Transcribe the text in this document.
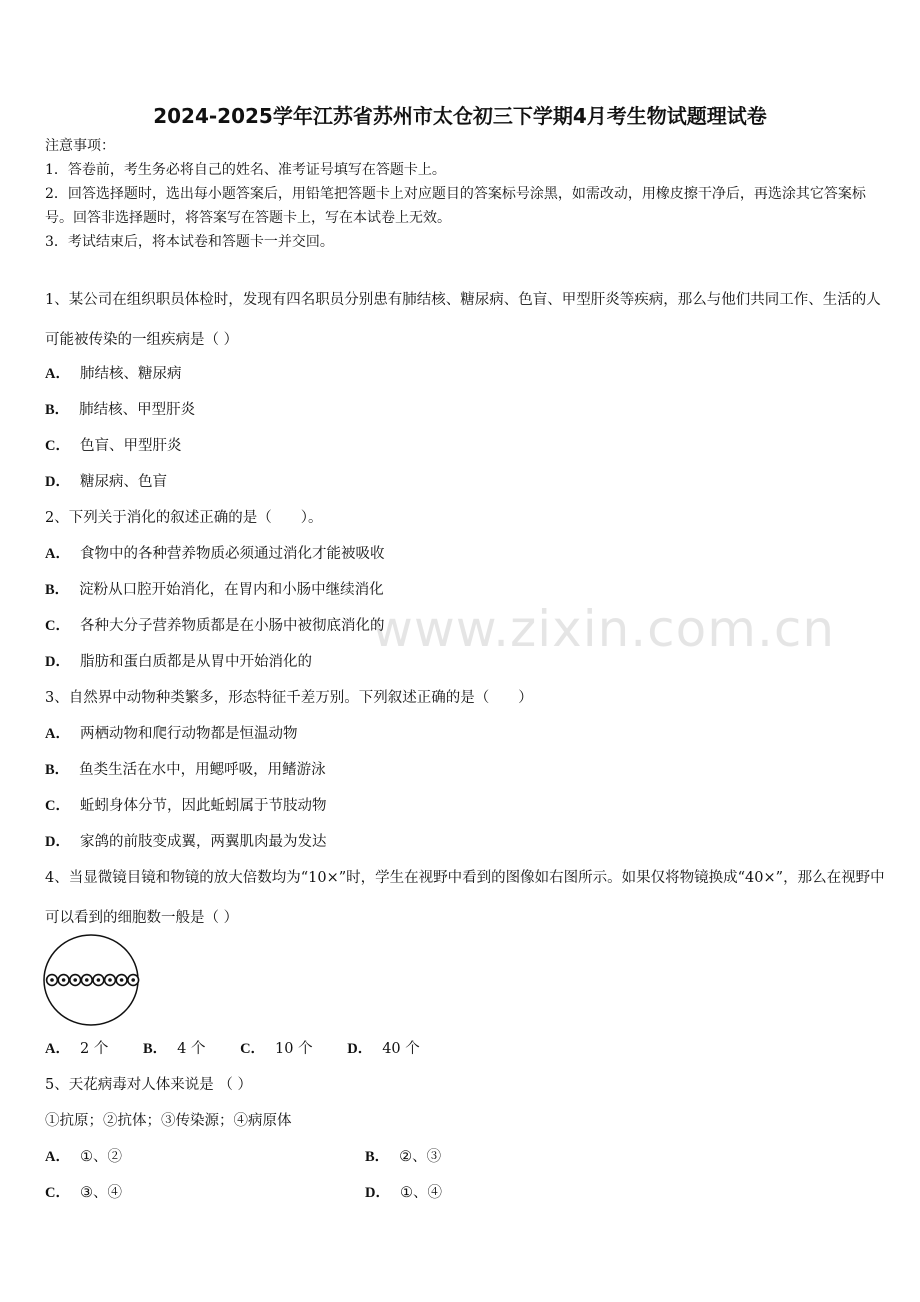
2024-2025学年江苏省苏州市太仓初三下学期4月考生物试题理试卷
注意事项：
1．答卷前，考生务必将自己的姓名、准考证号填写在答题卡上。
2．回答选择题时，选出每小题答案后，用铅笔把答题卡上对应题目的答案标号涂黑，如需改动，用橡皮擦干净后，再选涂其它答案标号。回答非选择题时，将答案写在答题卡上，写在本试卷上无效。
3．考试结束后，将本试卷和答题卡一并交回。
1、某公司在组织职员体检时，发现有四名职员分别患有肺结核、糖尿病、色盲、甲型肝炎等疾病，那么与他们共同工作、生活的人可能被传染的一组疾病是（ ）
A． 肺结核、糖尿病
B． 肺结核、甲型肝炎
C． 色盲、甲型肝炎
D． 糖尿病、色盲
2、下列关于消化的叙述正确的是（　　）。
A． 食物中的各种营养物质必须通过消化才能被吸收
B． 淀粉从口腔开始消化，在胃内和小肠中继续消化
C． 各种大分子营养物质都是在小肠中被彻底消化的
D． 脂肪和蛋白质都是从胃中开始消化的
3、自然界中动物种类繁多，形态特征千差万别。下列叙述正确的是（　　）
A． 两栖动物和爬行动物都是恒温动物
B． 鱼类生活在水中，用鳃呼吸，用鳍游泳
C． 蚯蚓身体分节，因此蚯蚓属于节肢动物
D． 家鸽的前肢变成翼，两翼肌肉最为发达
4、当显微镜目镜和物镜的放大倍数均为“10×”时，学生在视野中看到的图像如右图所示。如果仅将物镜换成“40×”，那么在视野中可以看到的细胞数一般是（ ）
A． 2 个 B． 4 个 C． 10 个 D． 40 个
5、天花病毒对人体来说是 （ ）
①抗原；②抗体；③传染源；④病原体
A． ①、②	B． ②、③
C． ③、④	D． ①、④
www.zixin.com.cn
